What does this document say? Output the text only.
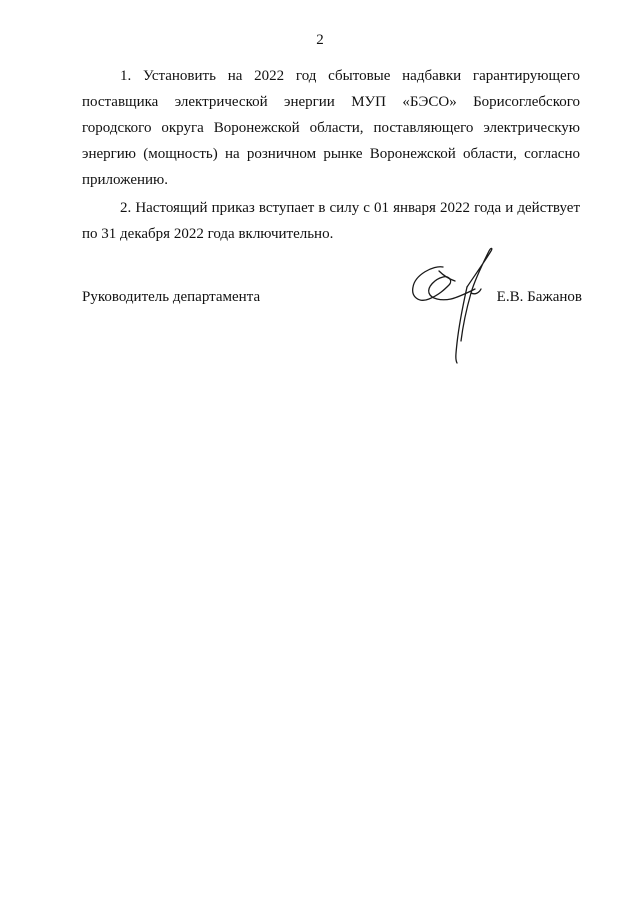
2
1. Установить на 2022 год сбытовые надбавки гарантирующего
поставщика электрической энергии МУП «БЭСО» Борисоглебского
городского округа Воронежской области, поставляющего электрическую
энергию (мощность) на розничном рынке Воронежской области, согласно
приложению.
2. Настоящий приказ вступает в силу с 01 января 2022 года и действует
по 31 декабря 2022 года включительно.
Руководитель департамента	Е.В. Бажанов
